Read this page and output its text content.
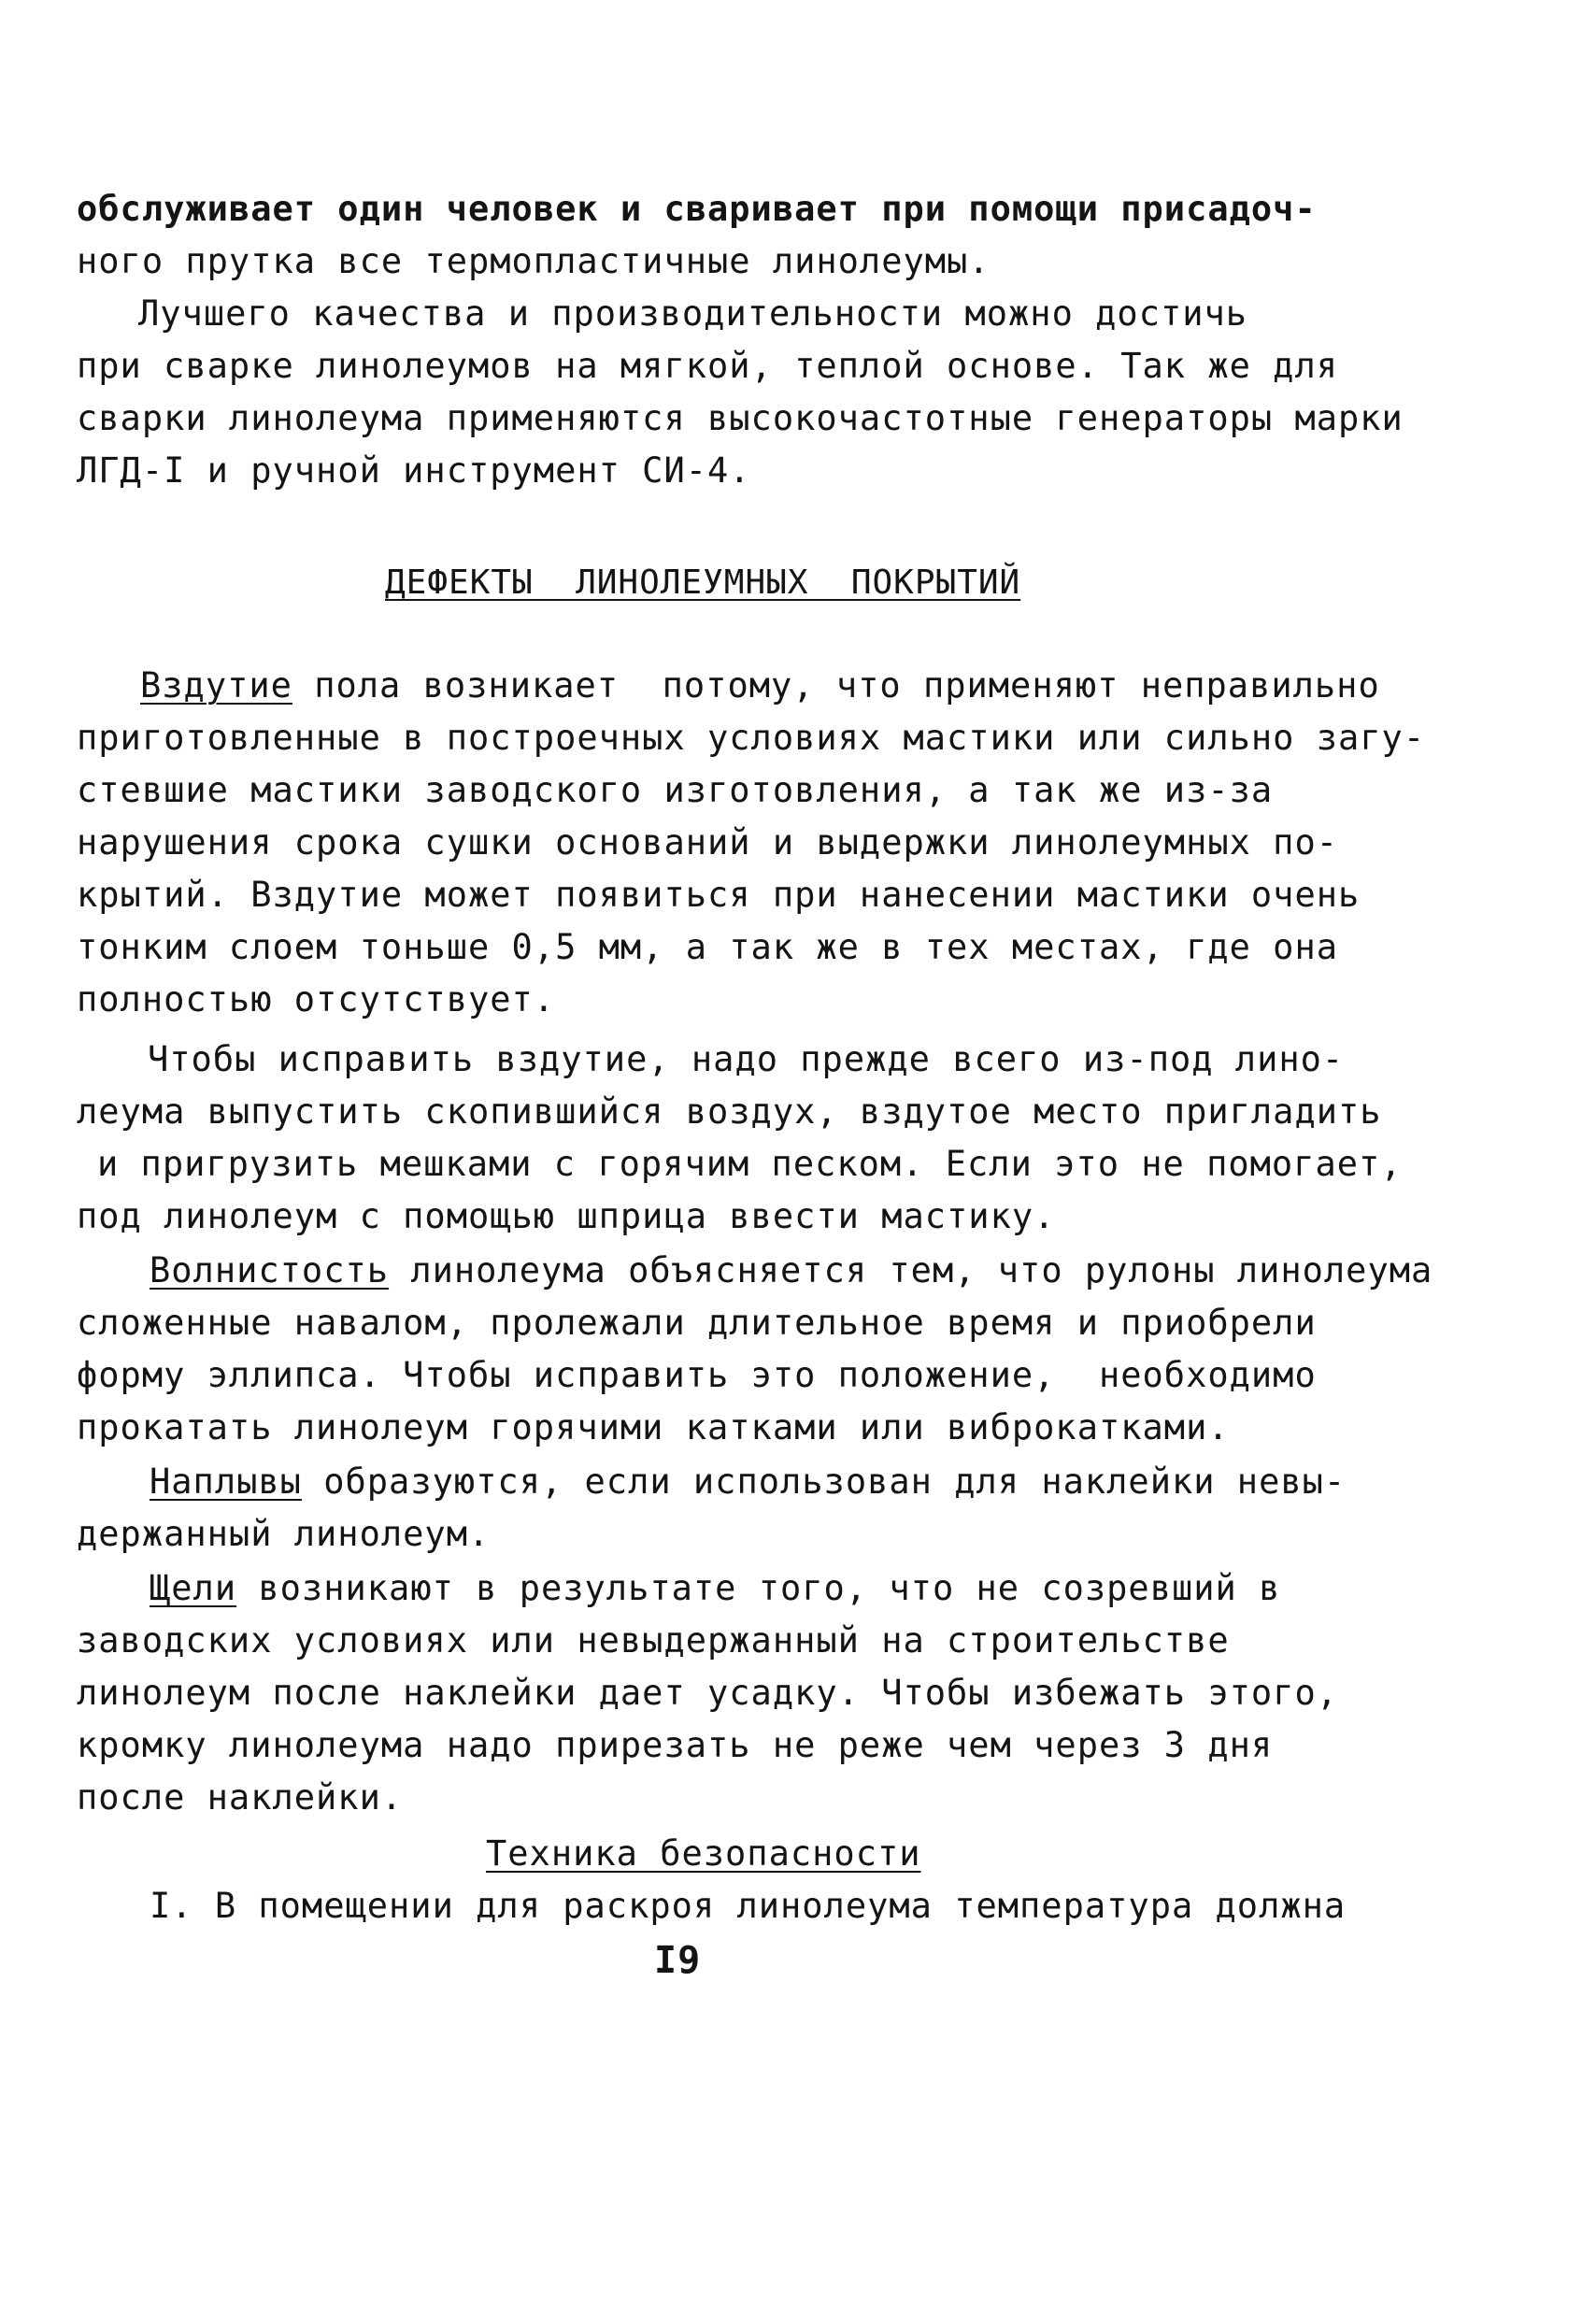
обслуживает один человек и сваривает при помощи присадоч-
ного прутка все термопластичные линолеумы.
Лучшего качества и производительности можно достичь
при сварке линолеумов на мягкой, теплой основе. Так же для
сварки линолеума применяются высокочастотные генераторы марки
ЛГД-I и ручной инструмент СИ-4.
ДЕФЕКТЫ  ЛИНОЛЕУМНЫХ  ПОКРЫТИЙ
Вздутие пола возникает  потому, что применяют неправильно
приготовленные в построечных условиях мастики или сильно загу-
стевшие мастики заводского изготовления, а так же из-за
нарушения срока сушки оснований и выдержки линолеумных по-
крытий. Вздутие может появиться при нанесении мастики очень
тонким слоем тоньше 0,5 мм, а так же в тех местах, где она
полностью отсутствует.
Чтобы исправить вздутие, надо прежде всего из-под лино-
леума выпустить скопившийся воздух, вздутое место пригладить
и пригрузить мешками с горячим песком. Если это не помогает,
под линолеум с помощью шприца ввести мастику.
Волнистость линолеума объясняется тем, что рулоны линолеума
сложенные навалом, пролежали длительное время и приобрели
форму эллипса. Чтобы исправить это положение,  необходимо
прокатать линолеум горячими катками или виброкатками.
Наплывы образуются, если использован для наклейки невы-
держанный линолеум.
Щели возникают в результате того, что не созревший в
заводских условиях или невыдержанный на строительстве
линолеум после наклейки дает усадку. Чтобы избежать этого,
кромку линолеума надо прирезать не реже чем через 3 дня
после наклейки.
Техника безопасности
I. В помещении для раскроя линолеума температура должна
I9
